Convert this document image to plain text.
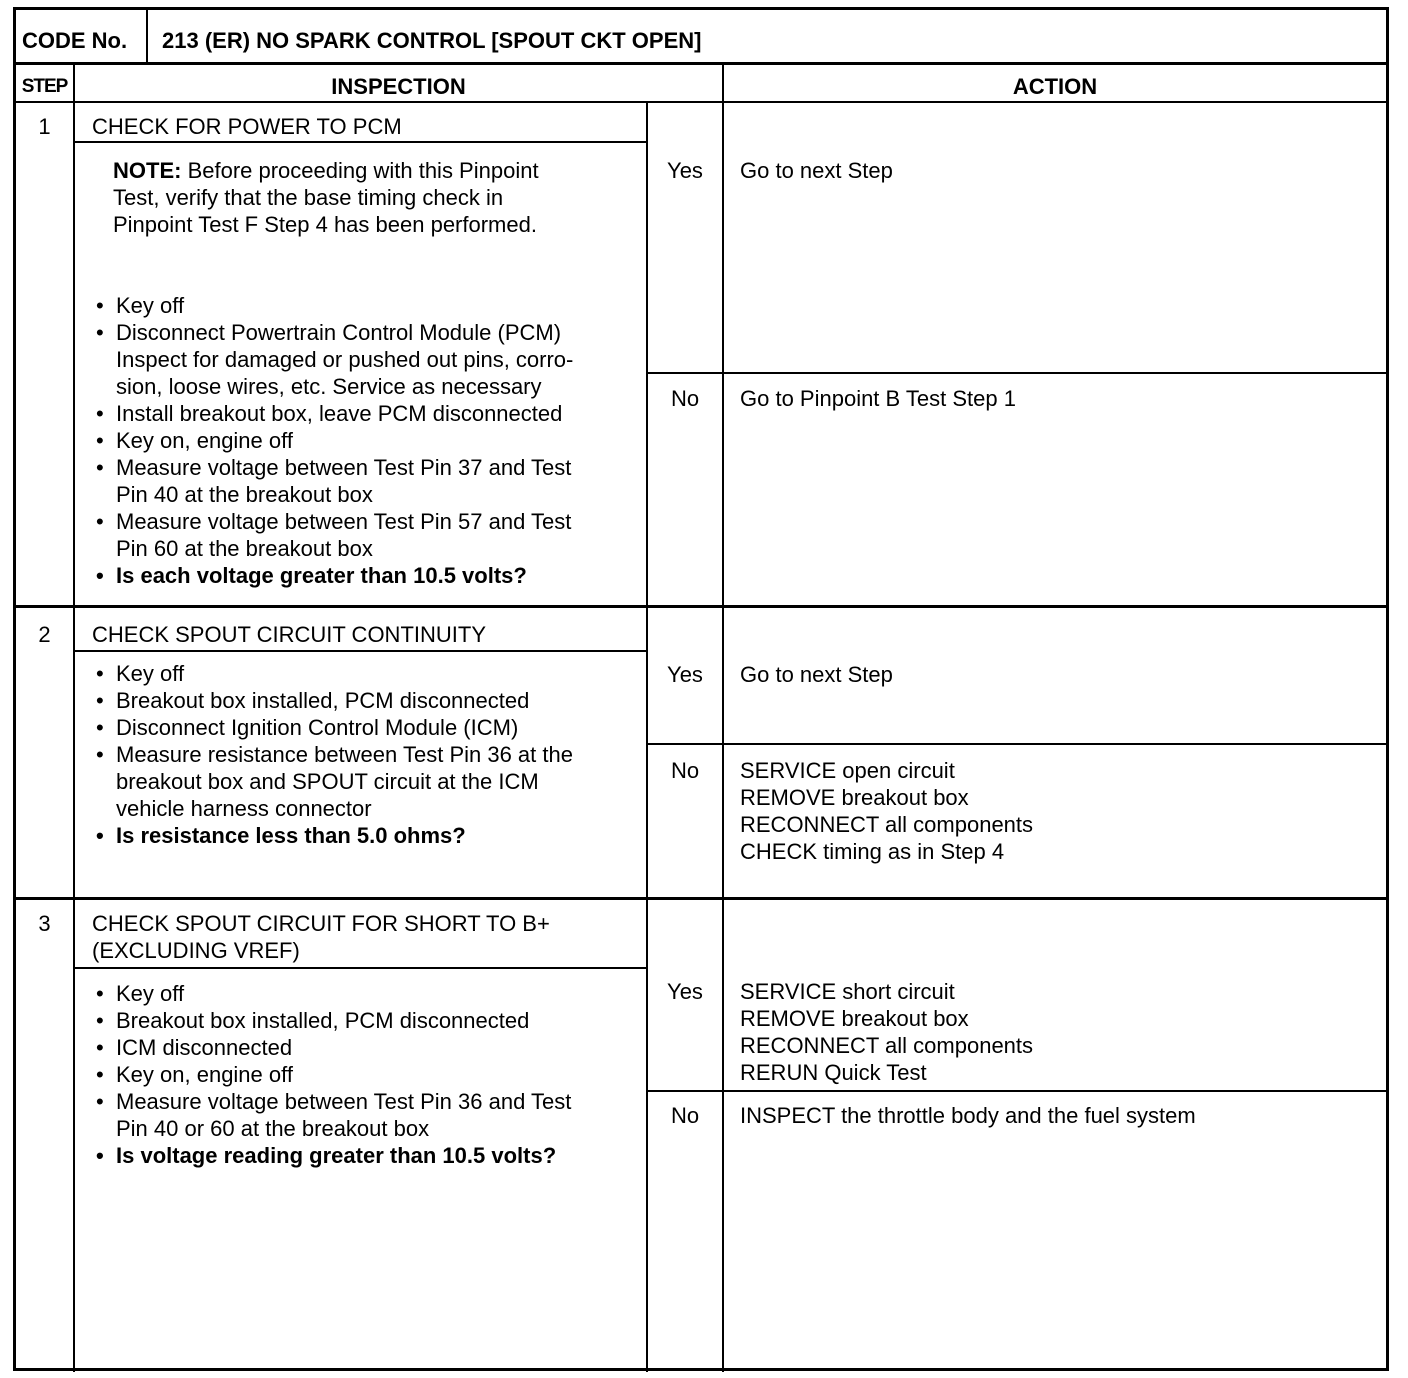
CODE No. 213 (ER) NO SPARK CONTROL [SPOUT CKT OPEN]
STEP	INSPECTION	ACTION
1	CHECK FOR POWER TO PCM
NOTE: Before proceeding with this Pinpoint
Test, verify that the base timing check in
Pinpoint Test F Step 4 has been performed.
• Key off
• Disconnect Powertrain Control Module (PCM)
Inspect for damaged or pushed out pins, corro-
sion, loose wires, etc. Service as necessary
• Install breakout box, leave PCM disconnected
• Key on, engine off
• Measure voltage between Test Pin 37 and Test
Pin 40 at the breakout box
• Measure voltage between Test Pin 57 and Test
Pin 60 at the breakout box
• Is each voltage greater than 10.5 volts?
Yes	Go to next Step
No	Go to Pinpoint B Test Step 1
2	CHECK SPOUT CIRCUIT CONTINUITY
• Key off
• Breakout box installed, PCM disconnected
• Disconnect Ignition Control Module (ICM)
• Measure resistance between Test Pin 36 at the
breakout box and SPOUT circuit at the ICM
vehicle harness connector
• Is resistance less than 5.0 ohms?
Yes	Go to next Step
No	SERVICE open circuit
REMOVE breakout box
RECONNECT all components
CHECK timing as in Step 4
3	CHECK SPOUT CIRCUIT FOR SHORT TO B+
(EXCLUDING VREF)
• Key off
• Breakout box installed, PCM disconnected
• ICM disconnected
• Key on, engine off
• Measure voltage between Test Pin 36 and Test
Pin 40 or 60 at the breakout box
• Is voltage reading greater than 10.5 volts?
Yes	SERVICE short circuit
REMOVE breakout box
RECONNECT all components
RERUN Quick Test
No	INSPECT the throttle body and the fuel system
